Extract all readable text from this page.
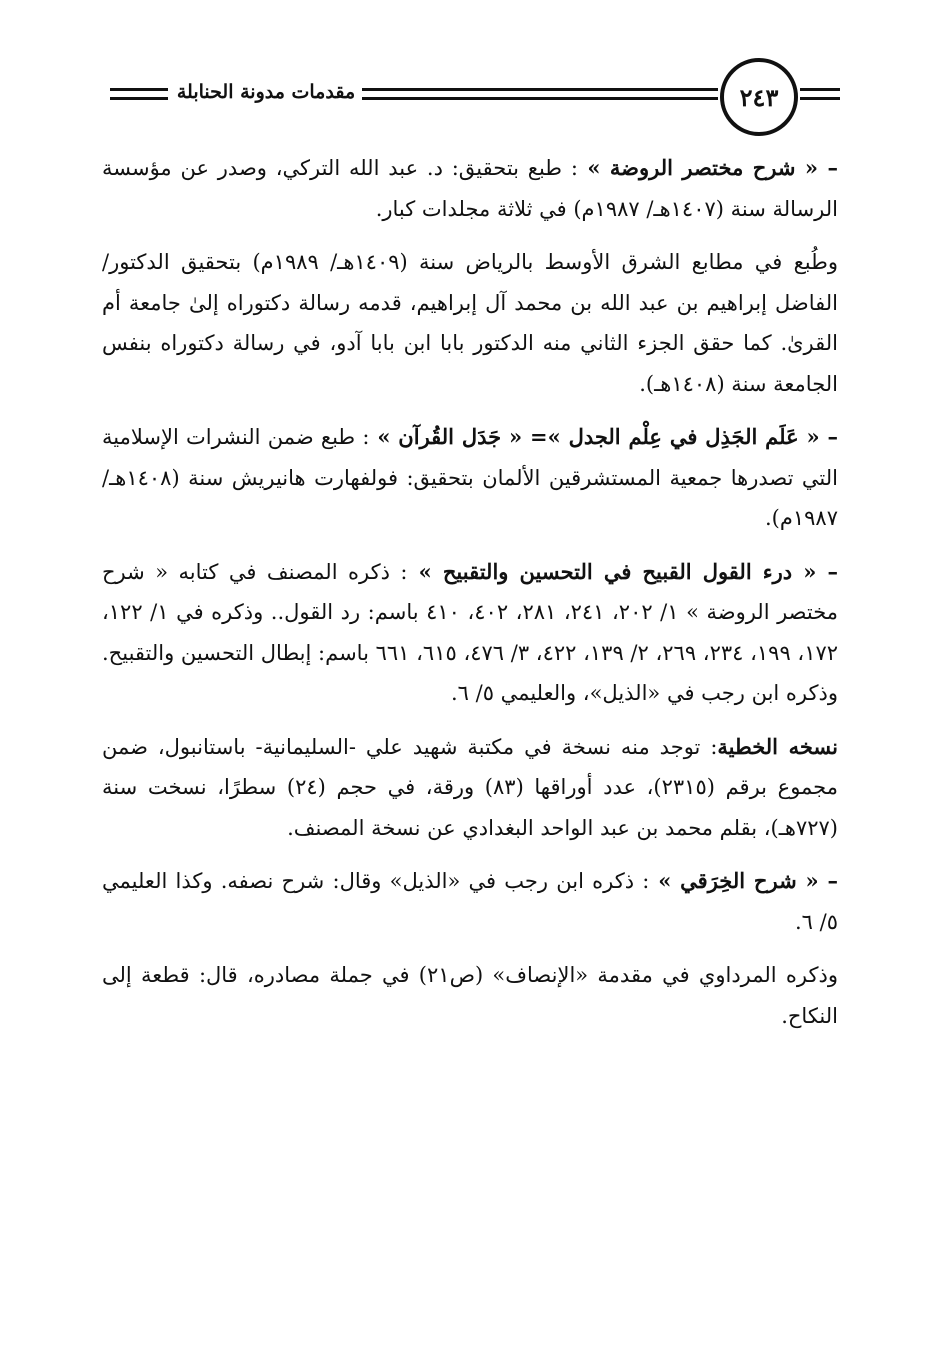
مقدمات مدونة الحنابلة	٢٤٣

– « شرح مختصر الروضة » : طبع بتحقيق: د. عبد الله التركي، وصدر عن مؤسسة الرسالة سنة (١٤٠٧هـ/ ١٩٨٧م) في ثلاثة مجلدات كبار.

وطُبع في مطابع الشرق الأوسط بالرياض سنة (١٤٠٩هـ/ ١٩٨٩م) بتحقيق الدكتور/ الفاضل إبراهيم بن عبد الله بن محمد آل إبراهيم، قدمه رسالة دكتوراه إلىٰ جامعة أم القرىٰ. كما حقق الجزء الثاني منه الدكتور بابا ابن بابا آدو، في رسالة دكتوراه بنفس الجامعة سنة (١٤٠٨هـ).

– « عَلَم الجَذِل في عِلْم الجدل »= « جَدَل القُرآن » : طبع ضمن النشرات الإسلامية التي تصدرها جمعية المستشرقين الألمان بتحقيق: فولفهارت هانيريش سنة (١٤٠٨هـ/ ١٩٨٧م).

– « درء القول القبيح في التحسين والتقبيح » : ذكره المصنف في كتابه « شرح مختصر الروضة » ١/ ٢٠٢، ٢٤١، ٢٨١، ٤٠٢، ٤١٠ باسم: رد القول.. وذكره في ١/ ١٢٢، ١٧٢، ١٩٩، ٢٣٤، ٢٦٩، ٢/ ١٣٩، ٤٢٢، ٣/ ٤٧٦، ٦١٥، ٦٦١ باسم: إبطال التحسين والتقبيح. وذكره ابن رجب في «الذيل»، والعليمي ٥/ ٦.

نسخه الخطية: توجد منه نسخة في مكتبة شهيد علي -السليمانية- باستانبول، ضمن مجموع برقم (٢٣١٥)، عدد أوراقها (٨٣) ورقة، في حجم (٢٤) سطرًا، نسخت سنة (٧٢٧هـ)، بقلم محمد بن عبد الواحد البغدادي عن نسخة المصنف.

– « شرح الخِرَقي » : ذكره ابن رجب في «الذيل» وقال: شرح نصفه. وكذا العليمي ٥/ ٦.

وذكره المرداوي في مقدمة «الإنصاف» (ص٢١) في جملة مصادره، قال: قطعة إلى النكاح.
